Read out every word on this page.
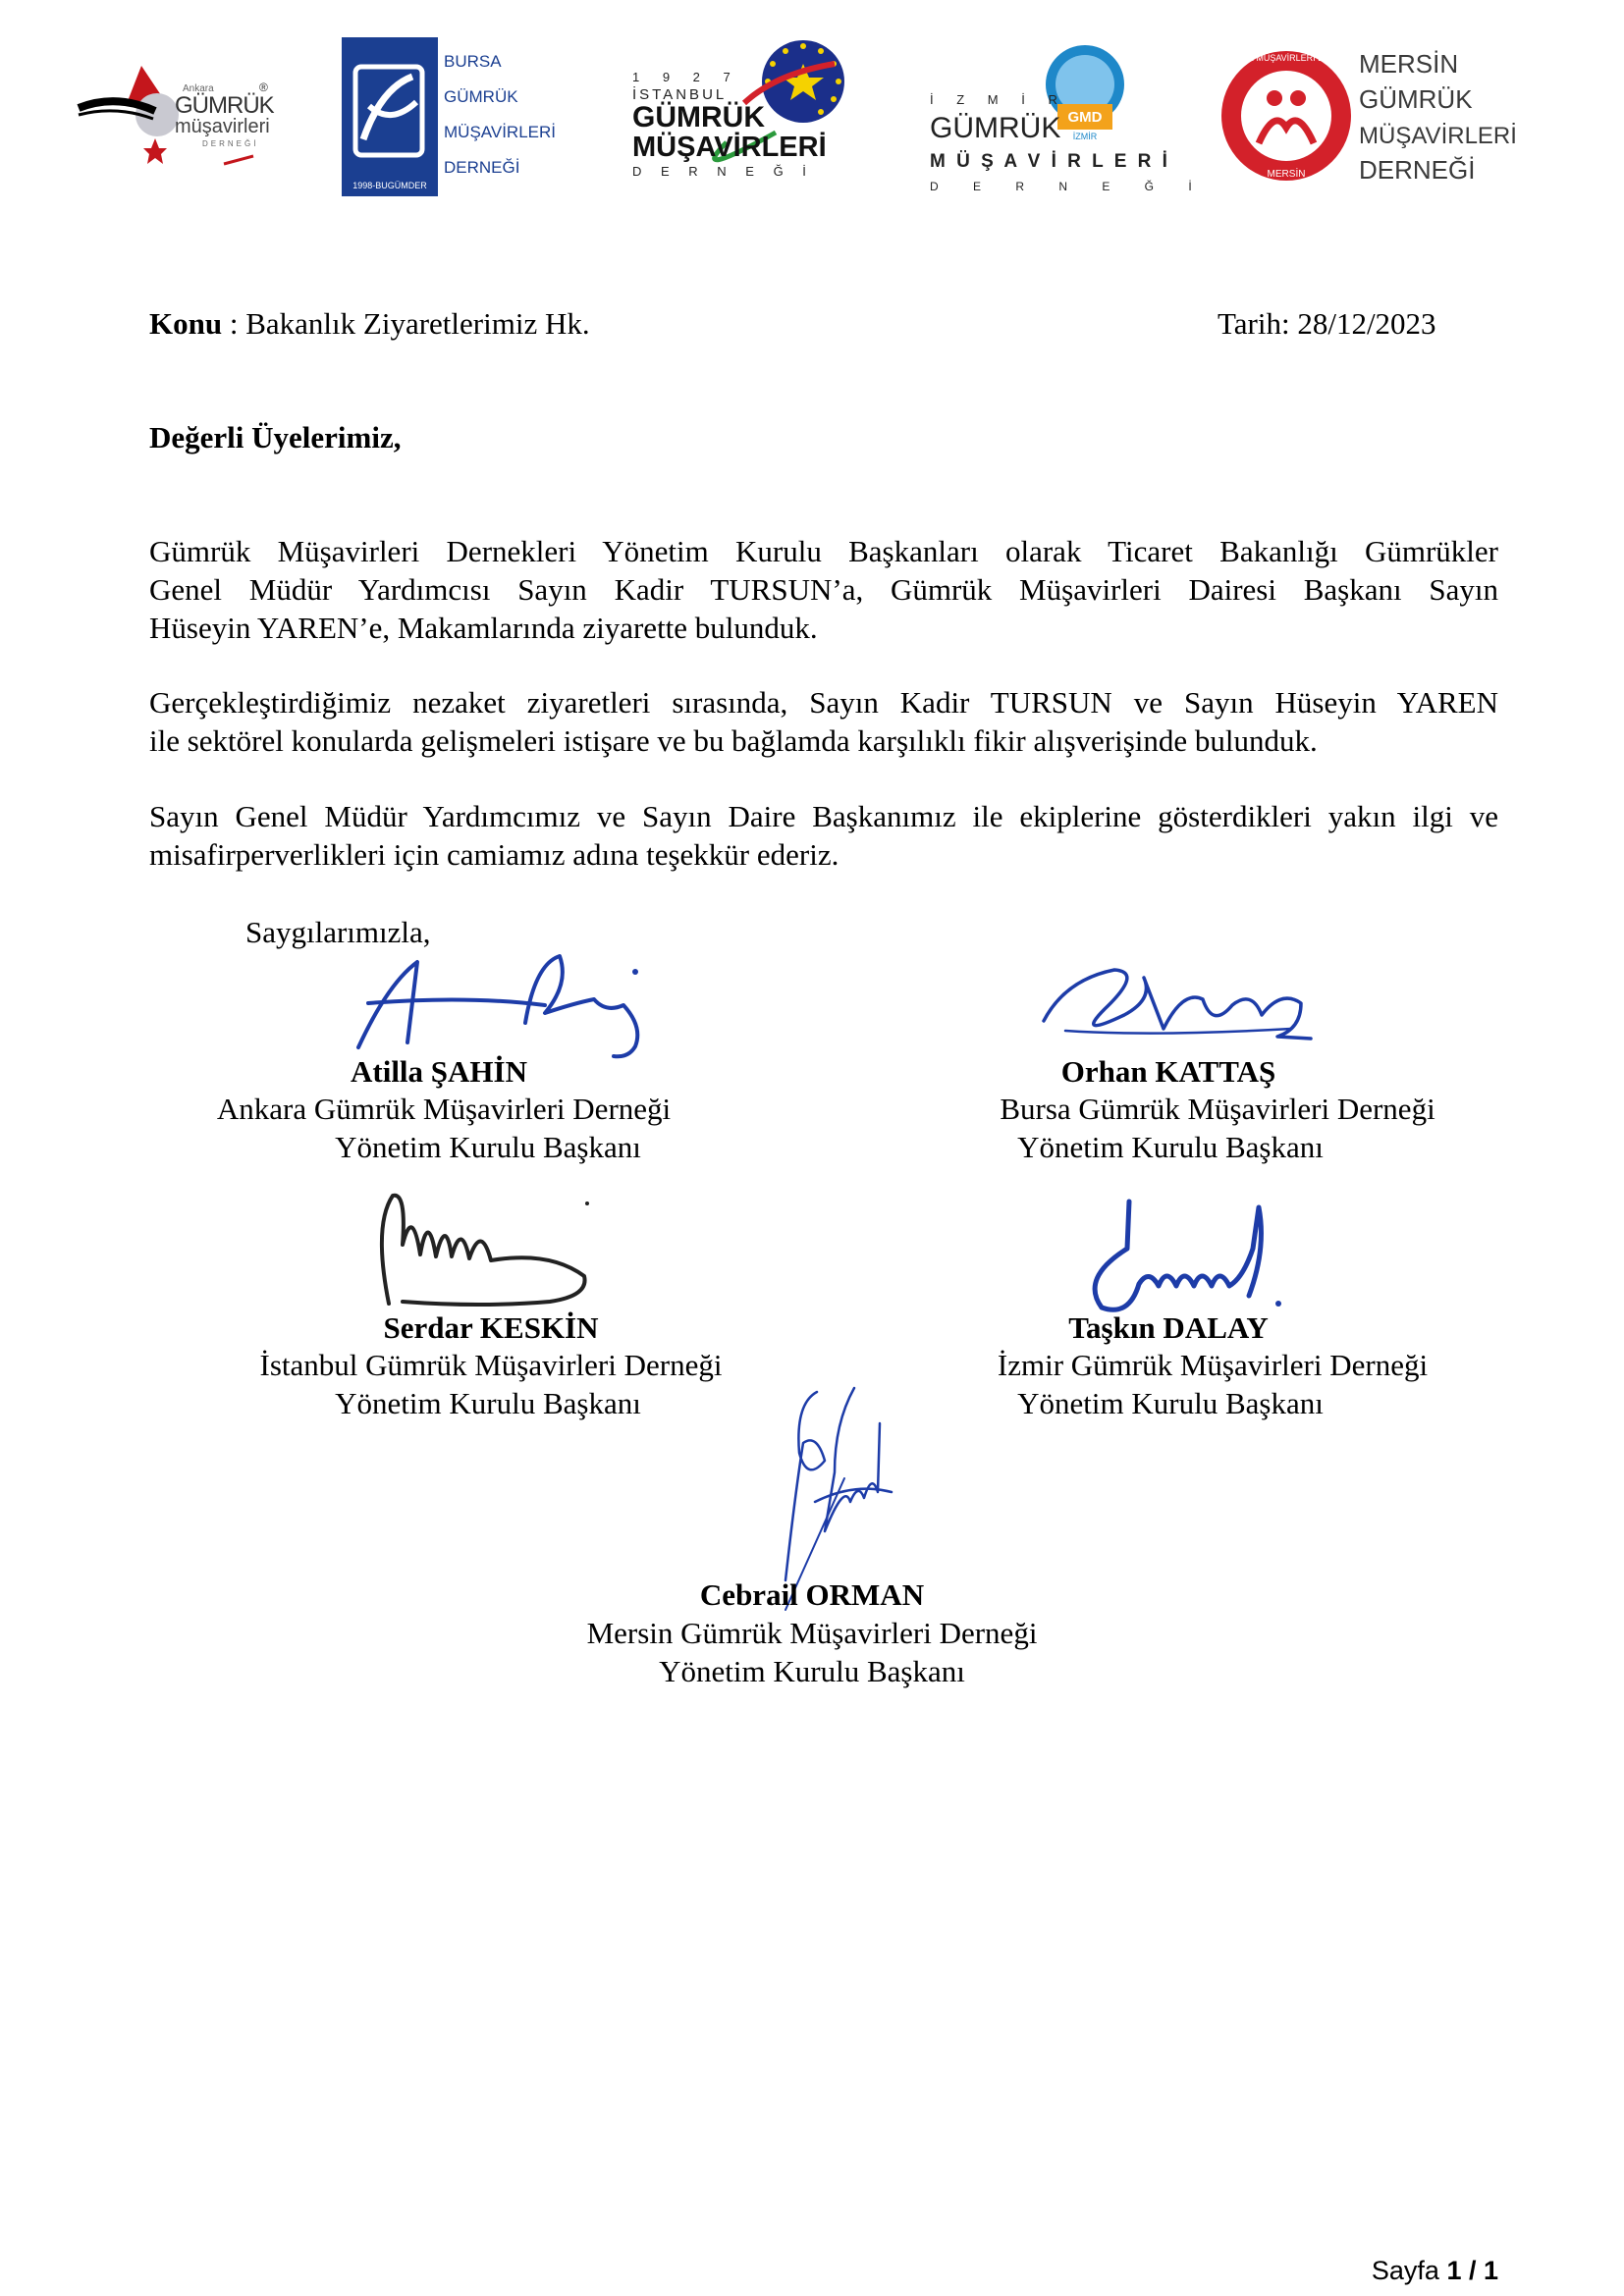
Ankara
GÜMRÜK
müşavirleri
DERNEĞİ
®
1998-BUGÜMDER
BURSA
GÜMRÜK
MÜŞAVİRLERİ
DERNEĞİ
1 9 2 7
İSTANBUL
GÜMRÜK
MÜŞAVİRLERİ
D E R N E Ğ İ
GMD
İZMİR
İ Z M İ R
GÜMRÜK
M Ü Ş A V İ R L E R İ
D E R N E Ğ İ
GÜMRÜK MÜŞAVİRLERİ DERNEĞİ
MERSİN
MERSİN
GÜMRÜK
MÜŞAVİRLERİ
DERNEĞİ
Konu : Bakanlık Ziyaretlerimiz Hk.	Tarih: 28/12/2023
Değerli Üyelerimiz,
Gümrük Müşavirleri Dernekleri Yönetim Kurulu Başkanları olarak Ticaret Bakanlığı Gümrükler
Genel Müdür Yardımcısı Sayın Kadir TURSUN’a, Gümrük Müşavirleri Dairesi Başkanı Sayın
Hüseyin YAREN’e, Makamlarında ziyarette bulunduk.
Gerçekleştirdiğimiz nezaket ziyaretleri sırasında, Sayın Kadir TURSUN ve Sayın Hüseyin YAREN
ile sektörel konularda gelişmeleri istişare ve bu bağlamda karşılıklı fikir alışverişinde bulunduk.
Sayın Genel Müdür Yardımcımız ve Sayın Daire Başkanımız ile ekiplerine gösterdikleri yakın ilgi ve
misafirperverlikleri için camiamız adına teşekkür ederiz.
Saygılarımızla,
Atilla ŞAHİN
Ankara Gümrük Müşavirleri Derneği
Yönetim Kurulu Başkanı
Orhan KATTAŞ
Bursa Gümrük Müşavirleri Derneği
Yönetim Kurulu Başkanı
Serdar KESKİN
İstanbul Gümrük Müşavirleri Derneği
Yönetim Kurulu Başkanı
Taşkın DALAY
İzmir Gümrük Müşavirleri Derneği
Yönetim Kurulu Başkanı
Cebrail ORMAN
Mersin Gümrük Müşavirleri Derneği
Yönetim Kurulu Başkanı
Sayfa 1 / 1
